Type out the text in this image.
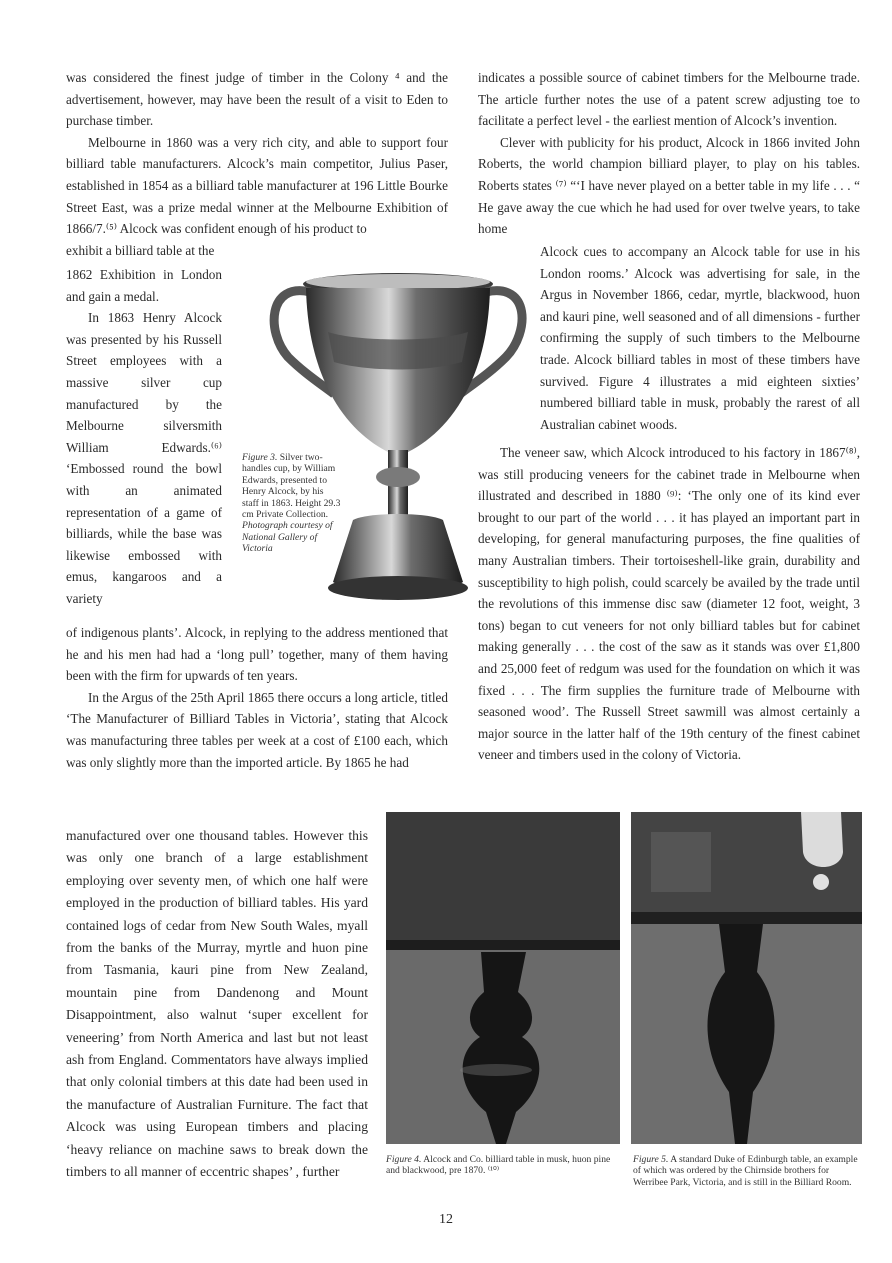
was considered the finest judge of timber in the Colony ⁴ and the advertisement, however, may have been the result of a visit to Eden to purchase timber.

Melbourne in 1860 was a very rich city, and able to support four billiard table manufacturers. Alcock’s main competitor, Julius Paser, established in 1854 as a billiard table manufacturer at 196 Little Bourke Street East, was a prize medal winner at the Melbourne Exhibition of 1866/7.⁽⁵⁾ Alcock was confident enough of his product to

exhibit a billiard table at the

1862 Exhibition in London and gain a medal.

In 1863 Henry Alcock was presented by his Russell Street employees with a massive silver cup manufactured by the Melbourne silversmith William Edwards.⁽⁶⁾ ‘Embossed round the bowl with an animated representation of a game of billiards, while the base was likewise embossed with emus, kangaroos and a variety

Figure 3. Silver two-handles cup, by William Edwards, presented to Henry Alcock, by his staff in 1863. Height 29.3 cm Private Collection.
Photograph courtesy of National Gallery of Victoria

of indigenous plants’. Alcock, in replying to the address mentioned that he and his men had had a ‘long pull’ together, many of them having been with the firm for upwards of ten years.

In the Argus of the 25th April 1865 there occurs a long article, titled ‘The Manufacturer of Billiard Tables in Victoria’, stating that Alcock was manufacturing three tables per week at a cost of £100 each, which was only slightly more than the imported article. By 1865 he had

manufactured over one thousand tables. However this was only one branch of a large establishment employing over seventy men, of which one half were employed in the production of billiard tables. His yard contained logs of cedar from New South Wales, myall from the banks of the Murray, myrtle and huon pine from Tasmania, kauri pine from New Zealand, mountain pine from Dandenong and Mount Disappointment, also walnut ‘super excellent for veneering’ from North America and last but not least ash from England. Commentators have always implied that only colonial timbers at this date had been used in the manufacture of Australian Furniture. The fact that Alcock was using European timbers and placing ‘heavy reliance on machine saws to break down the timbers to all manner of eccentric shapes’ , further

indicates a possible source of cabinet timbers for the Melbourne trade. The article further notes the use of a patent screw adjusting toe to facilitate a perfect level - the earliest mention of Alcock’s invention.

Clever with publicity for his product, Alcock in 1866 invited John Roberts, the world champion billiard player, to play on his tables. Roberts states ⁽⁷⁾ “‘I have never played on a better table in my life . . . “ He gave away the cue which he had used for over twelve years, to take home

Alcock cues to accompany an Alcock table for use in his London rooms.’ Alcock was advertising for sale, in the Argus in November 1866, cedar, myrtle, blackwood, huon and kauri pine, well seasoned and of all dimensions - further confirming the supply of such timbers to the Melbourne trade. Alcock billiard tables in most of these timbers have survived. Figure 4 illustrates a mid eighteen sixties’ numbered billiard table in musk, probably the rarest of all Australian cabinet woods.

The veneer saw, which Alcock introduced to his factory in 1867⁽⁸⁾, was still producing veneers for the cabinet trade in Melbourne when illustrated and described in 1880 ⁽⁹⁾: ‘The only one of its kind ever brought to our part of the world . . . it has played an important part in developing, for general manufacturing purposes, the fine qualities of many Australian timbers. Their tortoiseshell-like grain, durability and susceptibility to high polish, could scarcely be availed by the trade until the revolutions of this immense disc saw (diameter 12 foot, weight, 3 tons) began to cut veneers for not only billiard tables but for cabinet making generally . . . the cost of the saw as it stands was over £1,800 and 25,000 feet of redgum was used for the foundation on which it was fixed . . . The firm supplies the furniture trade of Melbourne with seasoned wood’. The Russell Street sawmill was almost certainly a major source in the latter half of the 19th century of the finest cabinet veneer and timbers used in the colony of Victoria.

Figure 4. Alcock and Co. billiard table in musk, huon pine and blackwood, pre 1870. ⁽¹⁰⁾
Figure 5. A standard Duke of Edinburgh table, an example of which was ordered by the Chirnside brothers for Werribee Park, Victoria, and is still in the Billiard Room.
12
